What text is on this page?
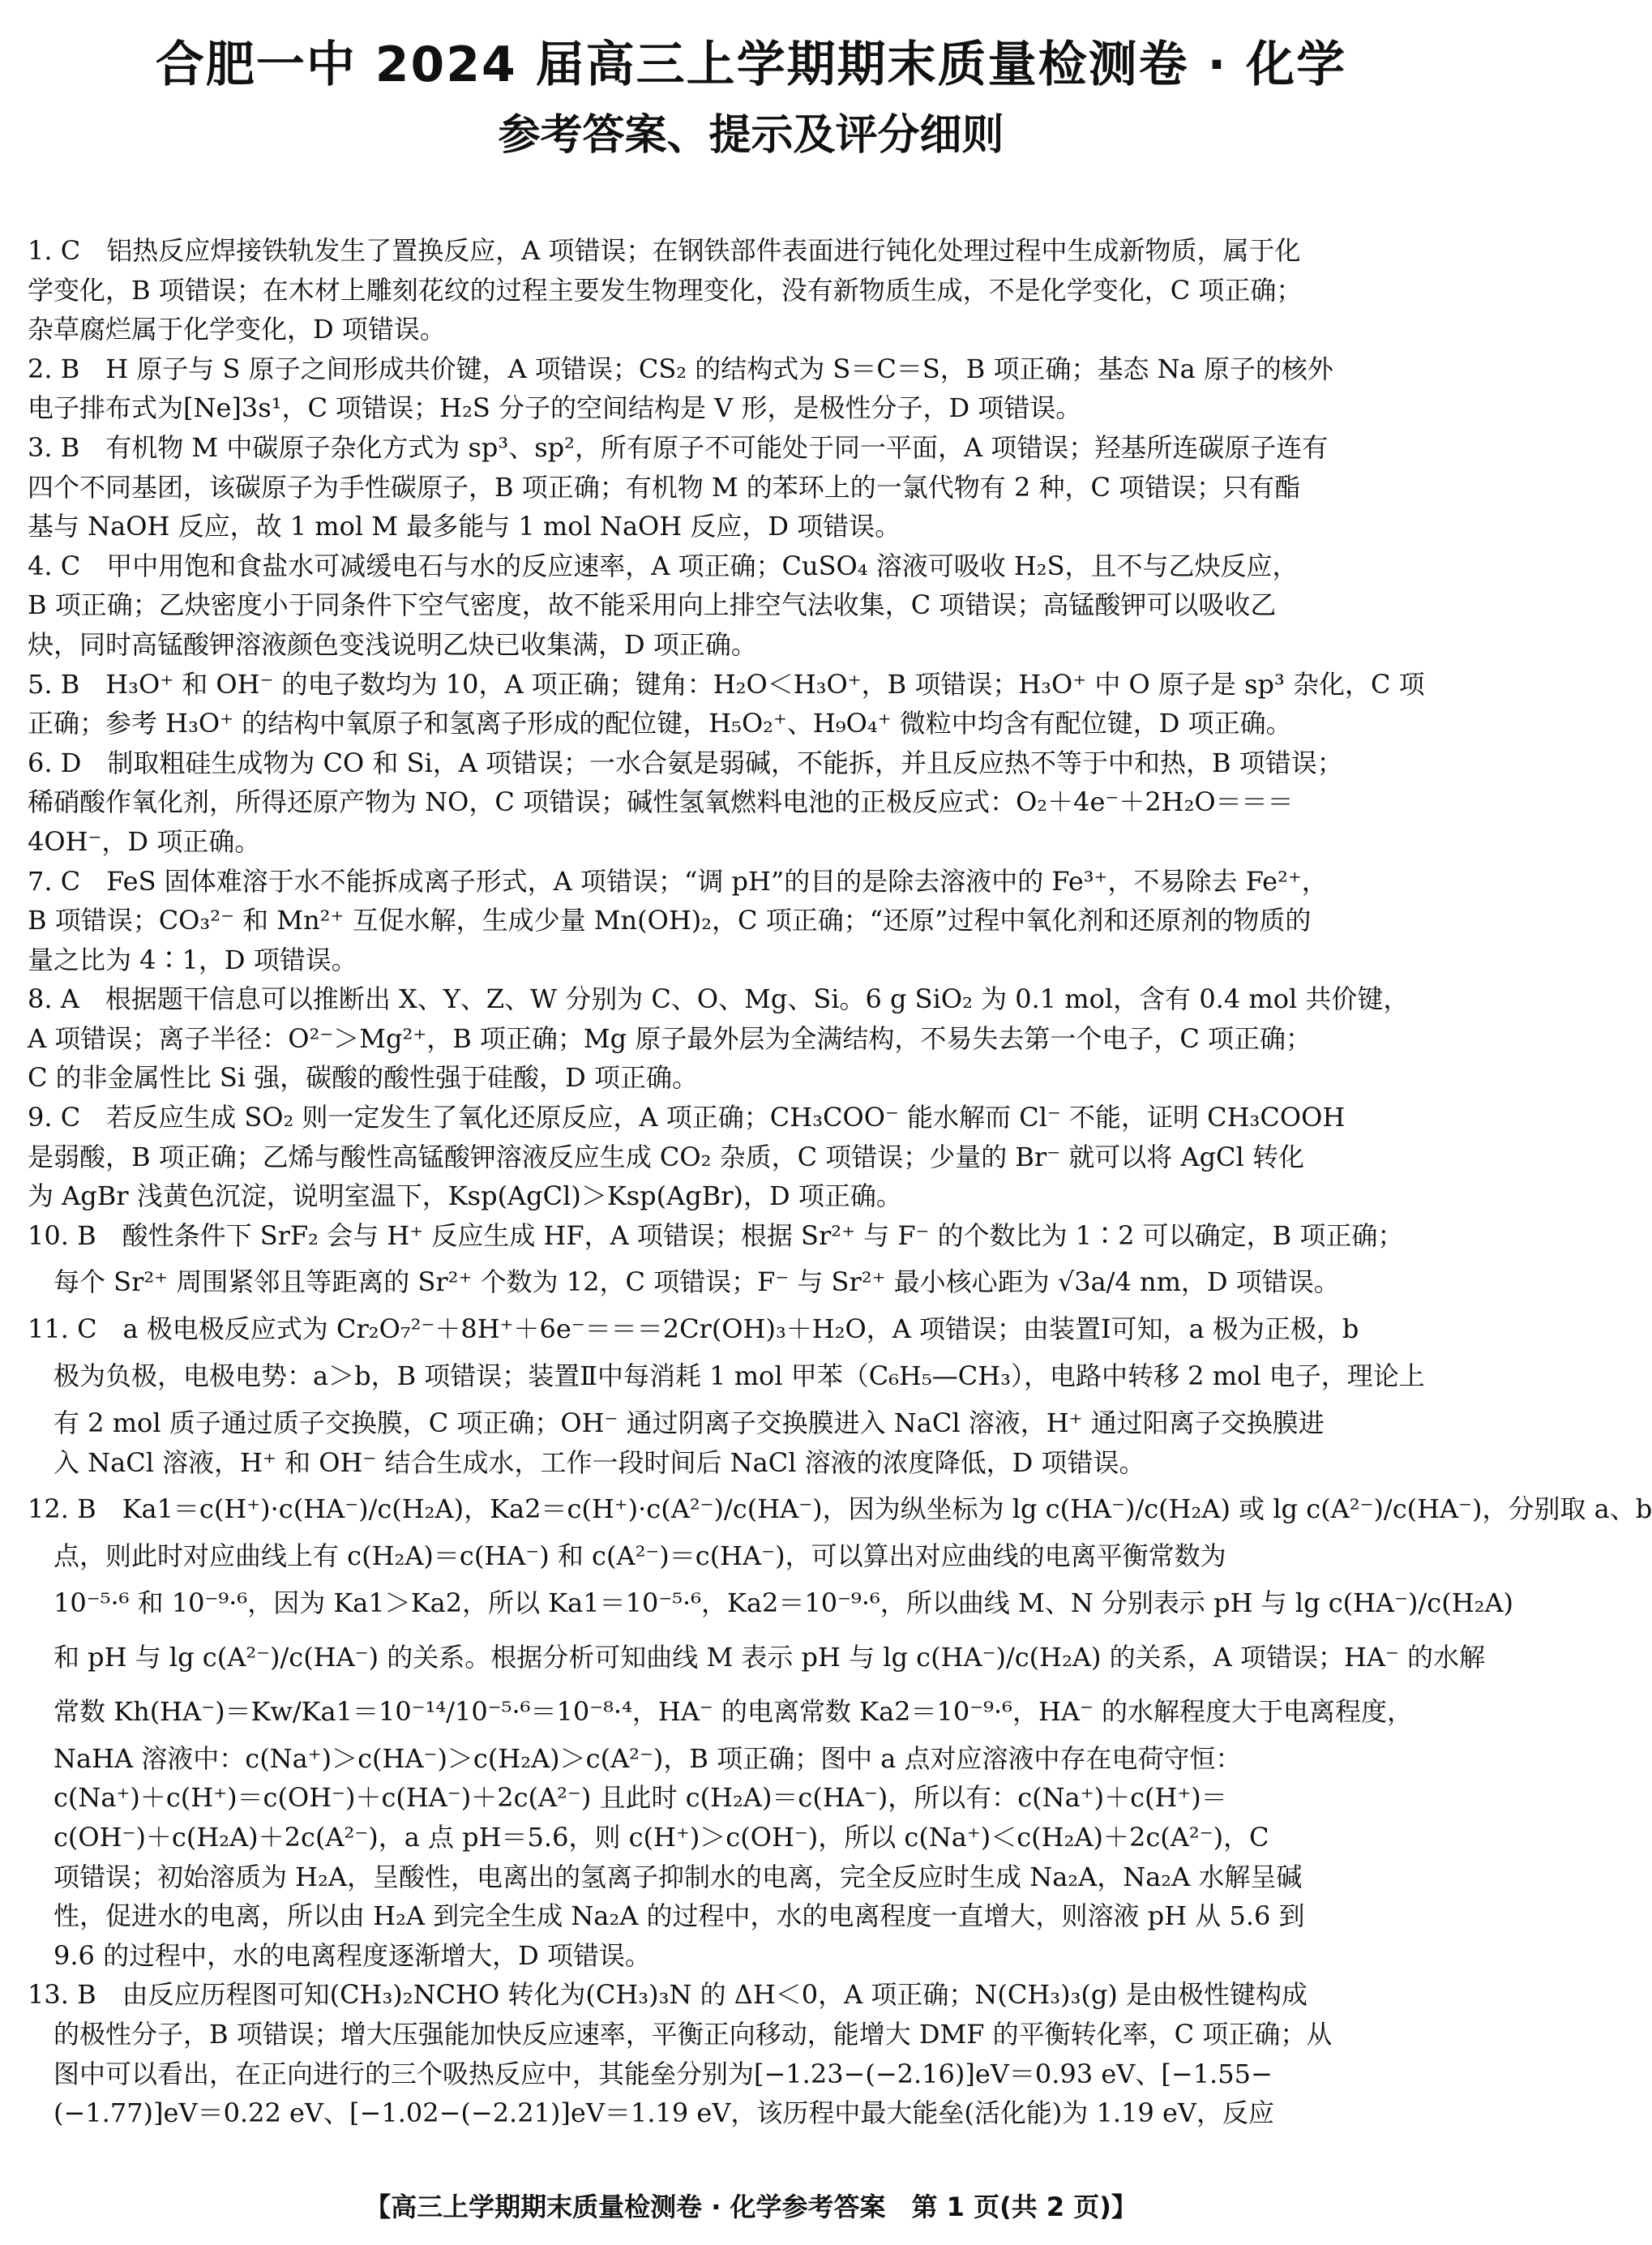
合肥一中 2024 届高三上学期期末质量检测卷 · 化学
参考答案、提示及评分细则
1. C　铝热反应焊接铁轨发生了置换反应，A 项错误；在钢铁部件表面进行钝化处理过程中生成新物质，属于化
学变化，B 项错误；在木材上雕刻花纹的过程主要发生物理变化，没有新物质生成，不是化学变化，C 项正确；
杂草腐烂属于化学变化，D 项错误。
2. B　H 原子与 S 原子之间形成共价键，A 项错误；CS₂ 的结构式为 S＝C＝S，B 项正确；基态 Na 原子的核外
电子排布式为[Ne]3s¹，C 项错误；H₂S 分子的空间结构是 V 形，是极性分子，D 项错误。
3. B　有机物 M 中碳原子杂化方式为 sp³、sp²，所有原子不可能处于同一平面，A 项错误；羟基所连碳原子连有
四个不同基团，该碳原子为手性碳原子，B 项正确；有机物 M 的苯环上的一氯代物有 2 种，C 项错误；只有酯
基与 NaOH 反应，故 1 mol M 最多能与 1 mol NaOH 反应，D 项错误。
4. C　甲中用饱和食盐水可减缓电石与水的反应速率，A 项正确；CuSO₄ 溶液可吸收 H₂S，且不与乙炔反应，
B 项正确；乙炔密度小于同条件下空气密度，故不能采用向上排空气法收集，C 项错误；高锰酸钾可以吸收乙
炔，同时高锰酸钾溶液颜色变浅说明乙炔已收集满，D 项正确。
5. B　H₃O⁺ 和 OH⁻ 的电子数均为 10，A 项正确；键角：H₂O＜H₃O⁺，B 项错误；H₃O⁺ 中 O 原子是 sp³ 杂化，C 项
正确；参考 H₃O⁺ 的结构中氧原子和氢离子形成的配位键，H₅O₂⁺、H₉O₄⁺ 微粒中均含有配位键，D 项正确。
6. D　制取粗硅生成物为 CO 和 Si，A 项错误；一水合氨是弱碱，不能拆，并且反应热不等于中和热，B 项错误；
稀硝酸作氧化剂，所得还原产物为 NO，C 项错误；碱性氢氧燃料电池的正极反应式：O₂＋4e⁻＋2H₂O＝＝＝
4OH⁻，D 项正确。
7. C　FeS 固体难溶于水不能拆成离子形式，A 项错误；“调 pH”的目的是除去溶液中的 Fe³⁺，不易除去 Fe²⁺，
B 项错误；CO₃²⁻ 和 Mn²⁺ 互促水解，生成少量 Mn(OH)₂，C 项正确；“还原”过程中氧化剂和还原剂的物质的
量之比为 4∶1，D 项错误。
8. A　根据题干信息可以推断出 X、Y、Z、W 分别为 C、O、Mg、Si。6 g SiO₂ 为 0.1 mol，含有 0.4 mol 共价键，
A 项错误；离子半径：O²⁻＞Mg²⁺，B 项正确；Mg 原子最外层为全满结构，不易失去第一个电子，C 项正确；
C 的非金属性比 Si 强，碳酸的酸性强于硅酸，D 项正确。
9. C　若反应生成 SO₂ 则一定发生了氧化还原反应，A 项正确；CH₃COO⁻ 能水解而 Cl⁻ 不能，证明 CH₃COOH
是弱酸，B 项正确；乙烯与酸性高锰酸钾溶液反应生成 CO₂ 杂质，C 项错误；少量的 Br⁻ 就可以将 AgCl 转化
为 AgBr 浅黄色沉淀，说明室温下，Ksp(AgCl)＞Ksp(AgBr)，D 项正确。
10. B　酸性条件下 SrF₂ 会与 H⁺ 反应生成 HF，A 项错误；根据 Sr²⁺ 与 F⁻ 的个数比为 1∶2 可以确定，B 项正确；
　每个 Sr²⁺ 周围紧邻且等距离的 Sr²⁺ 个数为 12，C 项错误；F⁻ 与 Sr²⁺ 最小核心距为 √3a/4 nm，D 项错误。
11. C　a 极电极反应式为 Cr₂O₇²⁻＋8H⁺＋6e⁻＝＝＝2Cr(OH)₃＋H₂O，A 项错误；由装置Ⅰ可知，a 极为正极，b
　极为负极，电极电势：a＞b，B 项错误；装置Ⅱ中每消耗 1 mol 甲苯（C₆H₅—CH₃），电路中转移 2 mol 电子，理论上
　有 2 mol 质子通过质子交换膜，C 项正确；OH⁻ 通过阴离子交换膜进入 NaCl 溶液，H⁺ 通过阳离子交换膜进
　入 NaCl 溶液，H⁺ 和 OH⁻ 结合生成水，工作一段时间后 NaCl 溶液的浓度降低，D 项错误。
12. B　Ka1＝c(H⁺)·c(HA⁻)/c(H₂A)，Ka2＝c(H⁺)·c(A²⁻)/c(HA⁻)，因为纵坐标为 lg c(HA⁻)/c(H₂A) 或 lg c(A²⁻)/c(HA⁻)，分别取 a、b
　点，则此时对应曲线上有 c(H₂A)＝c(HA⁻) 和 c(A²⁻)＝c(HA⁻)，可以算出对应曲线的电离平衡常数为
　10⁻⁵·⁶ 和 10⁻⁹·⁶，因为 Ka1＞Ka2，所以 Ka1＝10⁻⁵·⁶，Ka2＝10⁻⁹·⁶，所以曲线 M、N 分别表示 pH 与 lg c(HA⁻)/c(H₂A)
　和 pH 与 lg c(A²⁻)/c(HA⁻) 的关系。根据分析可知曲线 M 表示 pH 与 lg c(HA⁻)/c(H₂A) 的关系，A 项错误；HA⁻ 的水解
　常数 Kh(HA⁻)＝Kw/Ka1＝10⁻¹⁴/10⁻⁵·⁶＝10⁻⁸·⁴，HA⁻ 的电离常数 Ka2＝10⁻⁹·⁶，HA⁻ 的水解程度大于电离程度，
　NaHA 溶液中：c(Na⁺)＞c(HA⁻)＞c(H₂A)＞c(A²⁻)，B 项正确；图中 a 点对应溶液中存在电荷守恒：
　c(Na⁺)＋c(H⁺)＝c(OH⁻)＋c(HA⁻)＋2c(A²⁻) 且此时 c(H₂A)＝c(HA⁻)，所以有：c(Na⁺)＋c(H⁺)＝
　c(OH⁻)＋c(H₂A)＋2c(A²⁻)，a 点 pH＝5.6，则 c(H⁺)＞c(OH⁻)，所以 c(Na⁺)＜c(H₂A)＋2c(A²⁻)，C
　项错误；初始溶质为 H₂A，呈酸性，电离出的氢离子抑制水的电离，完全反应时生成 Na₂A，Na₂A 水解呈碱
　性，促进水的电离，所以由 H₂A 到完全生成 Na₂A 的过程中，水的电离程度一直增大，则溶液 pH 从 5.6 到
　9.6 的过程中，水的电离程度逐渐增大，D 项错误。
13. B　由反应历程图可知(CH₃)₂NCHO 转化为(CH₃)₃N 的 ΔH＜0，A 项正确；N(CH₃)₃(g) 是由极性键构成
　的极性分子，B 项错误；增大压强能加快反应速率，平衡正向移动，能增大 DMF 的平衡转化率，C 项正确；从
　图中可以看出，在正向进行的三个吸热反应中，其能垒分别为[−1.23−(−2.16)]eV＝0.93 eV、[−1.55−
　(−1.77)]eV＝0.22 eV、[−1.02−(−2.21)]eV＝1.19 eV，该历程中最大能垒(活化能)为 1.19 eV，反应
【高三上学期期末质量检测卷 · 化学参考答案　第 1 页(共 2 页)】
